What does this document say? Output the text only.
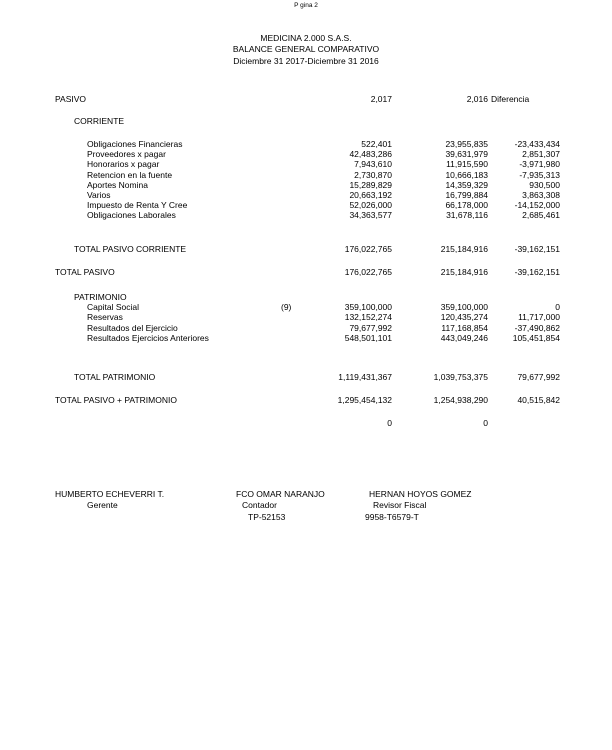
P gina 2
MEDICINA 2.000 S.A.S.
BALANCE GENERAL COMPARATIVO
Diciembre 31 2017-Diciembre 31 2016
PASIVO	2,017	2,016 Diferencia
CORRIENTE
Obligaciones Financieras	522,401	23,955,835	-23,433,434
Proveedores x pagar	42,483,286	39,631,979	2,851,307
Honorarios x pagar	7,943,610	11,915,590	-3,971,980
Retencion en la fuente	2,730,870	10,666,183	-7,935,313
Aportes Nomina	15,289,829	14,359,329	930,500
Varios	20,663,192	16,799,884	3,863,308
Impuesto de Renta Y Cree	52,026,000	66,178,000	-14,152,000
Obligaciones Laborales	34,363,577	31,678,116	2,685,461
TOTAL PASIVO CORRIENTE	176,022,765	215,184,916	-39,162,151
TOTAL PASIVO	176,022,765	215,184,916	-39,162,151
PATRIMONIO
Capital Social	(9)	359,100,000	359,100,000	0
Reservas	132,152,274	120,435,274	11,717,000
Resultados del Ejercicio	79,677,992	117,168,854	-37,490,862
Resultados Ejercicios Anteriores	548,501,101	443,049,246	105,451,854
TOTAL PATRIMONIO	1,119,431,367	1,039,753,375	79,677,992
TOTAL PASIVO + PATRIMONIO	1,295,454,132	1,254,938,290	40,515,842
0	0
HUMBERTO ECHEVERRI T.
Gerente
FCO OMAR NARANJO
Contador
TP-52153
HERNAN HOYOS GOMEZ
Revisor Fiscal
9958-T6579-T
